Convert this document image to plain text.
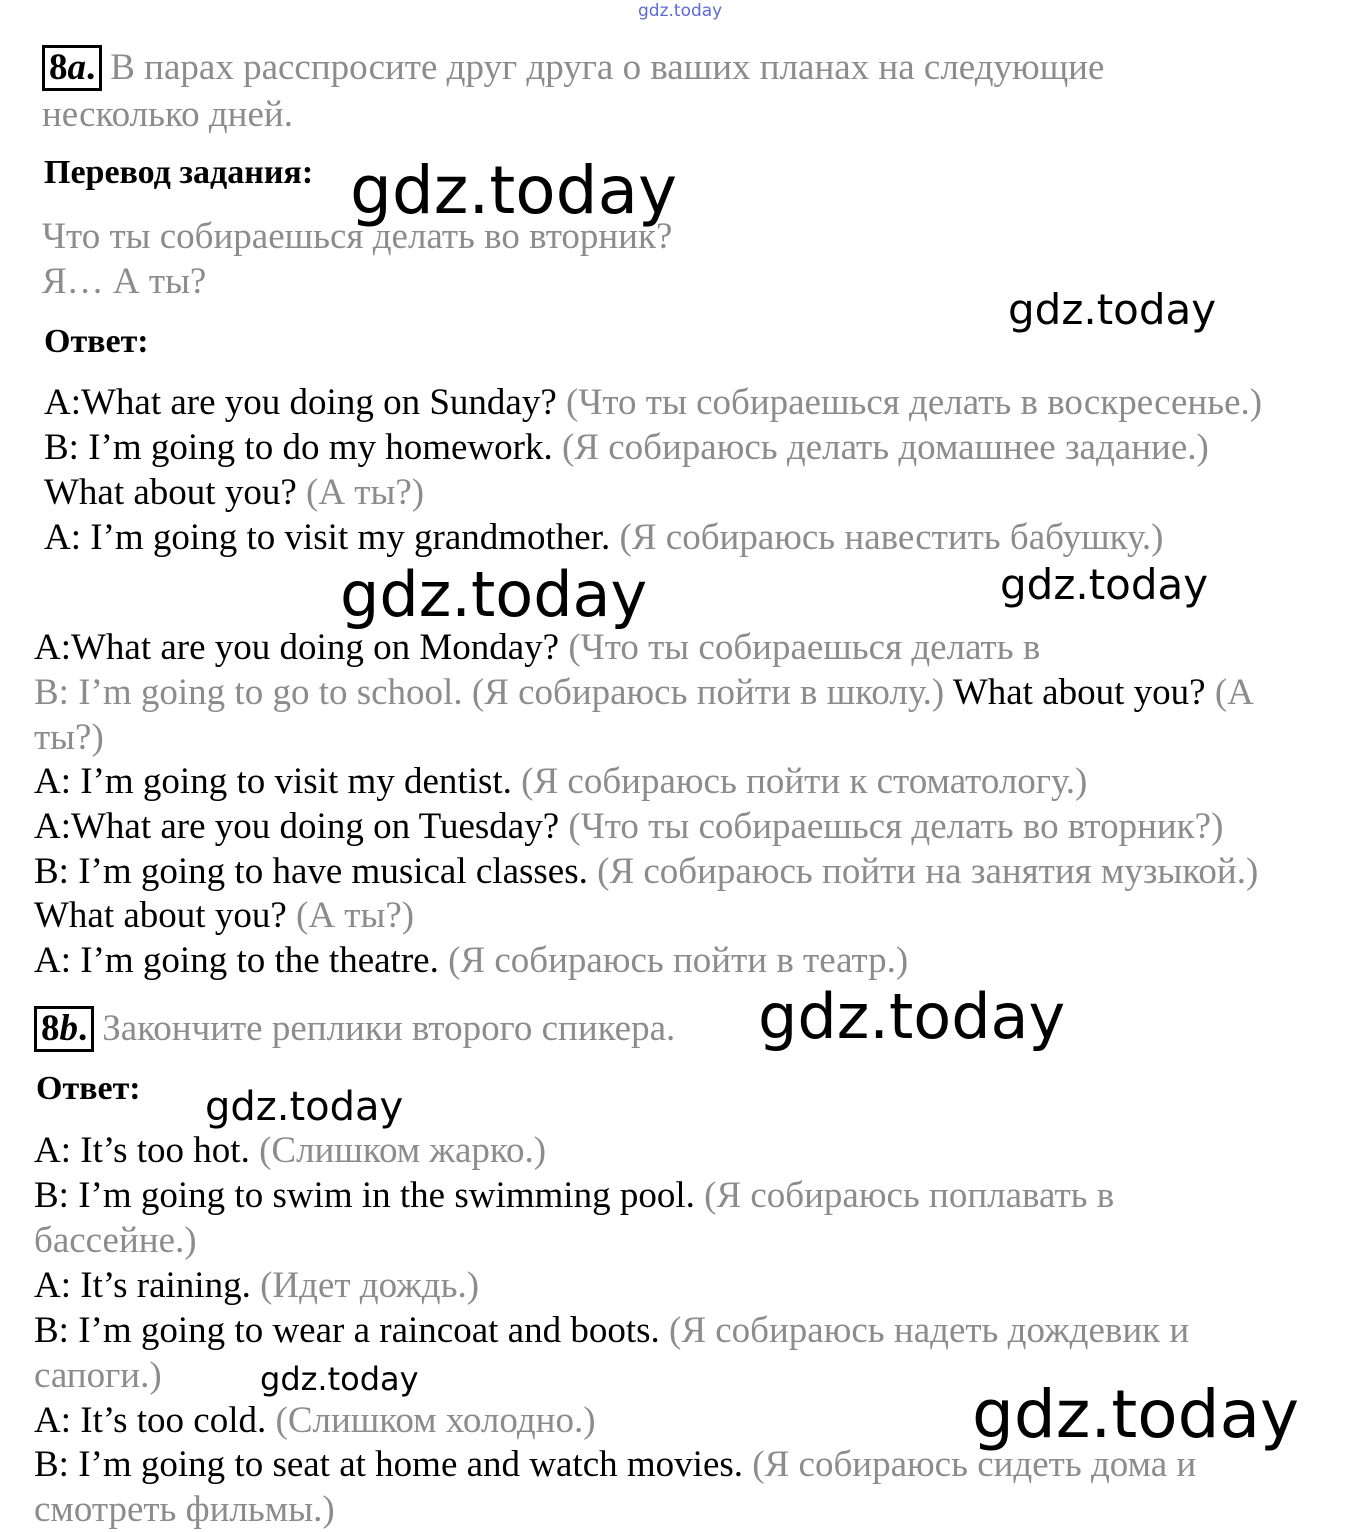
gdz.today
8a. В парах расспросите друг друга о ваших планах на следующие
несколько дней.
Перевод задания: gdz.today
Что ты собираешься делать во вторник?
Я… А ты?
gdz.today
Ответ:
A:What are you doing on Sunday? (Что ты собираешься делать в воскресенье.)
B: I’m going to do my homework. (Я собираюсь делать домашнее задание.)
What about you? (А ты?)
A: I’m going to visit my grandmother. (Я собираюсь навестить бабушку.)
gdz.today	gdz.today
A:What are you doing on Monday? (Что ты собираешься делать в
B: I’m going to go to school. (Я собираюсь пойти в школу.) What about you? (А
ты?)
A: I’m going to visit my dentist. (Я собираюсь пойти к стоматологу.)
A:What are you doing on Tuesday? (Что ты собираешься делать во вторник?)
B: I’m going to have musical classes. (Я собираюсь пойти на занятия музыкой.)
What about you? (А ты?)
A: I’m going to the theatre. (Я собираюсь пойти в театр.)
8b. Закончите реплики второго спикера. gdz.today
Ответ: gdz.today
A: It’s too hot. (Слишком жарко.)
B: I’m going to swim in the swimming pool. (Я собираюсь поплавать в
бассейне.)
A: It’s raining. (Идет дождь.)
B: I’m going to wear a raincoat and boots. (Я собираюсь надеть дождевик и
сапоги.)	gdz.today
A: It’s too cold. (Слишком холодно.)	gdz.today
B: I’m going to seat at home and watch movies. (Я собираюсь сидеть дома и
смотреть фильмы.)
